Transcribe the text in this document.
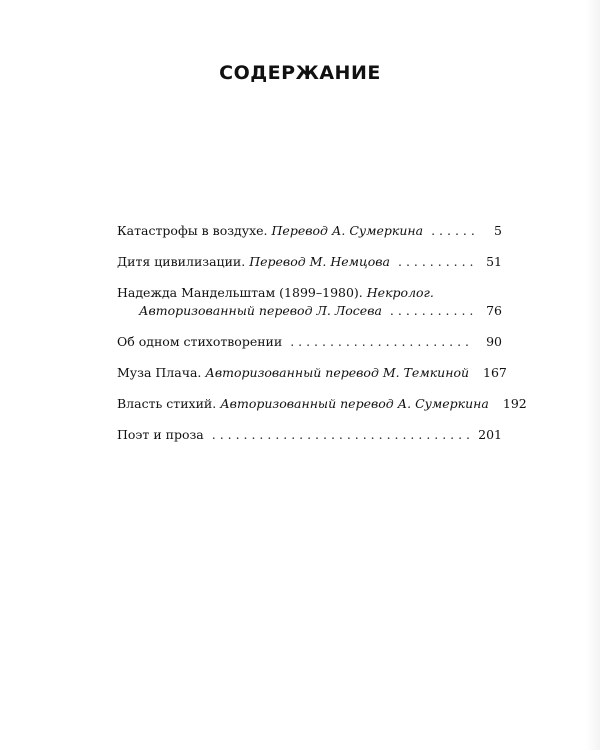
СОДЕРЖАНИЕ
Катастрофы в воздухе. Перевод А. Сумеркина . . .	5
Дитя цивилизации. Перевод М. Немцова . . .	51
Надежда Мандельштам (1899–1980). Некролог.
Авторизованный перевод Л. Лосева . . .	76
Об одном стихотворении . . .	90
Муза Плача. Авторизованный перевод М. Темкиной 167
Власть стихий. Авторизованный перевод А. Сумеркина 192
Поэт и проза . . .	201
